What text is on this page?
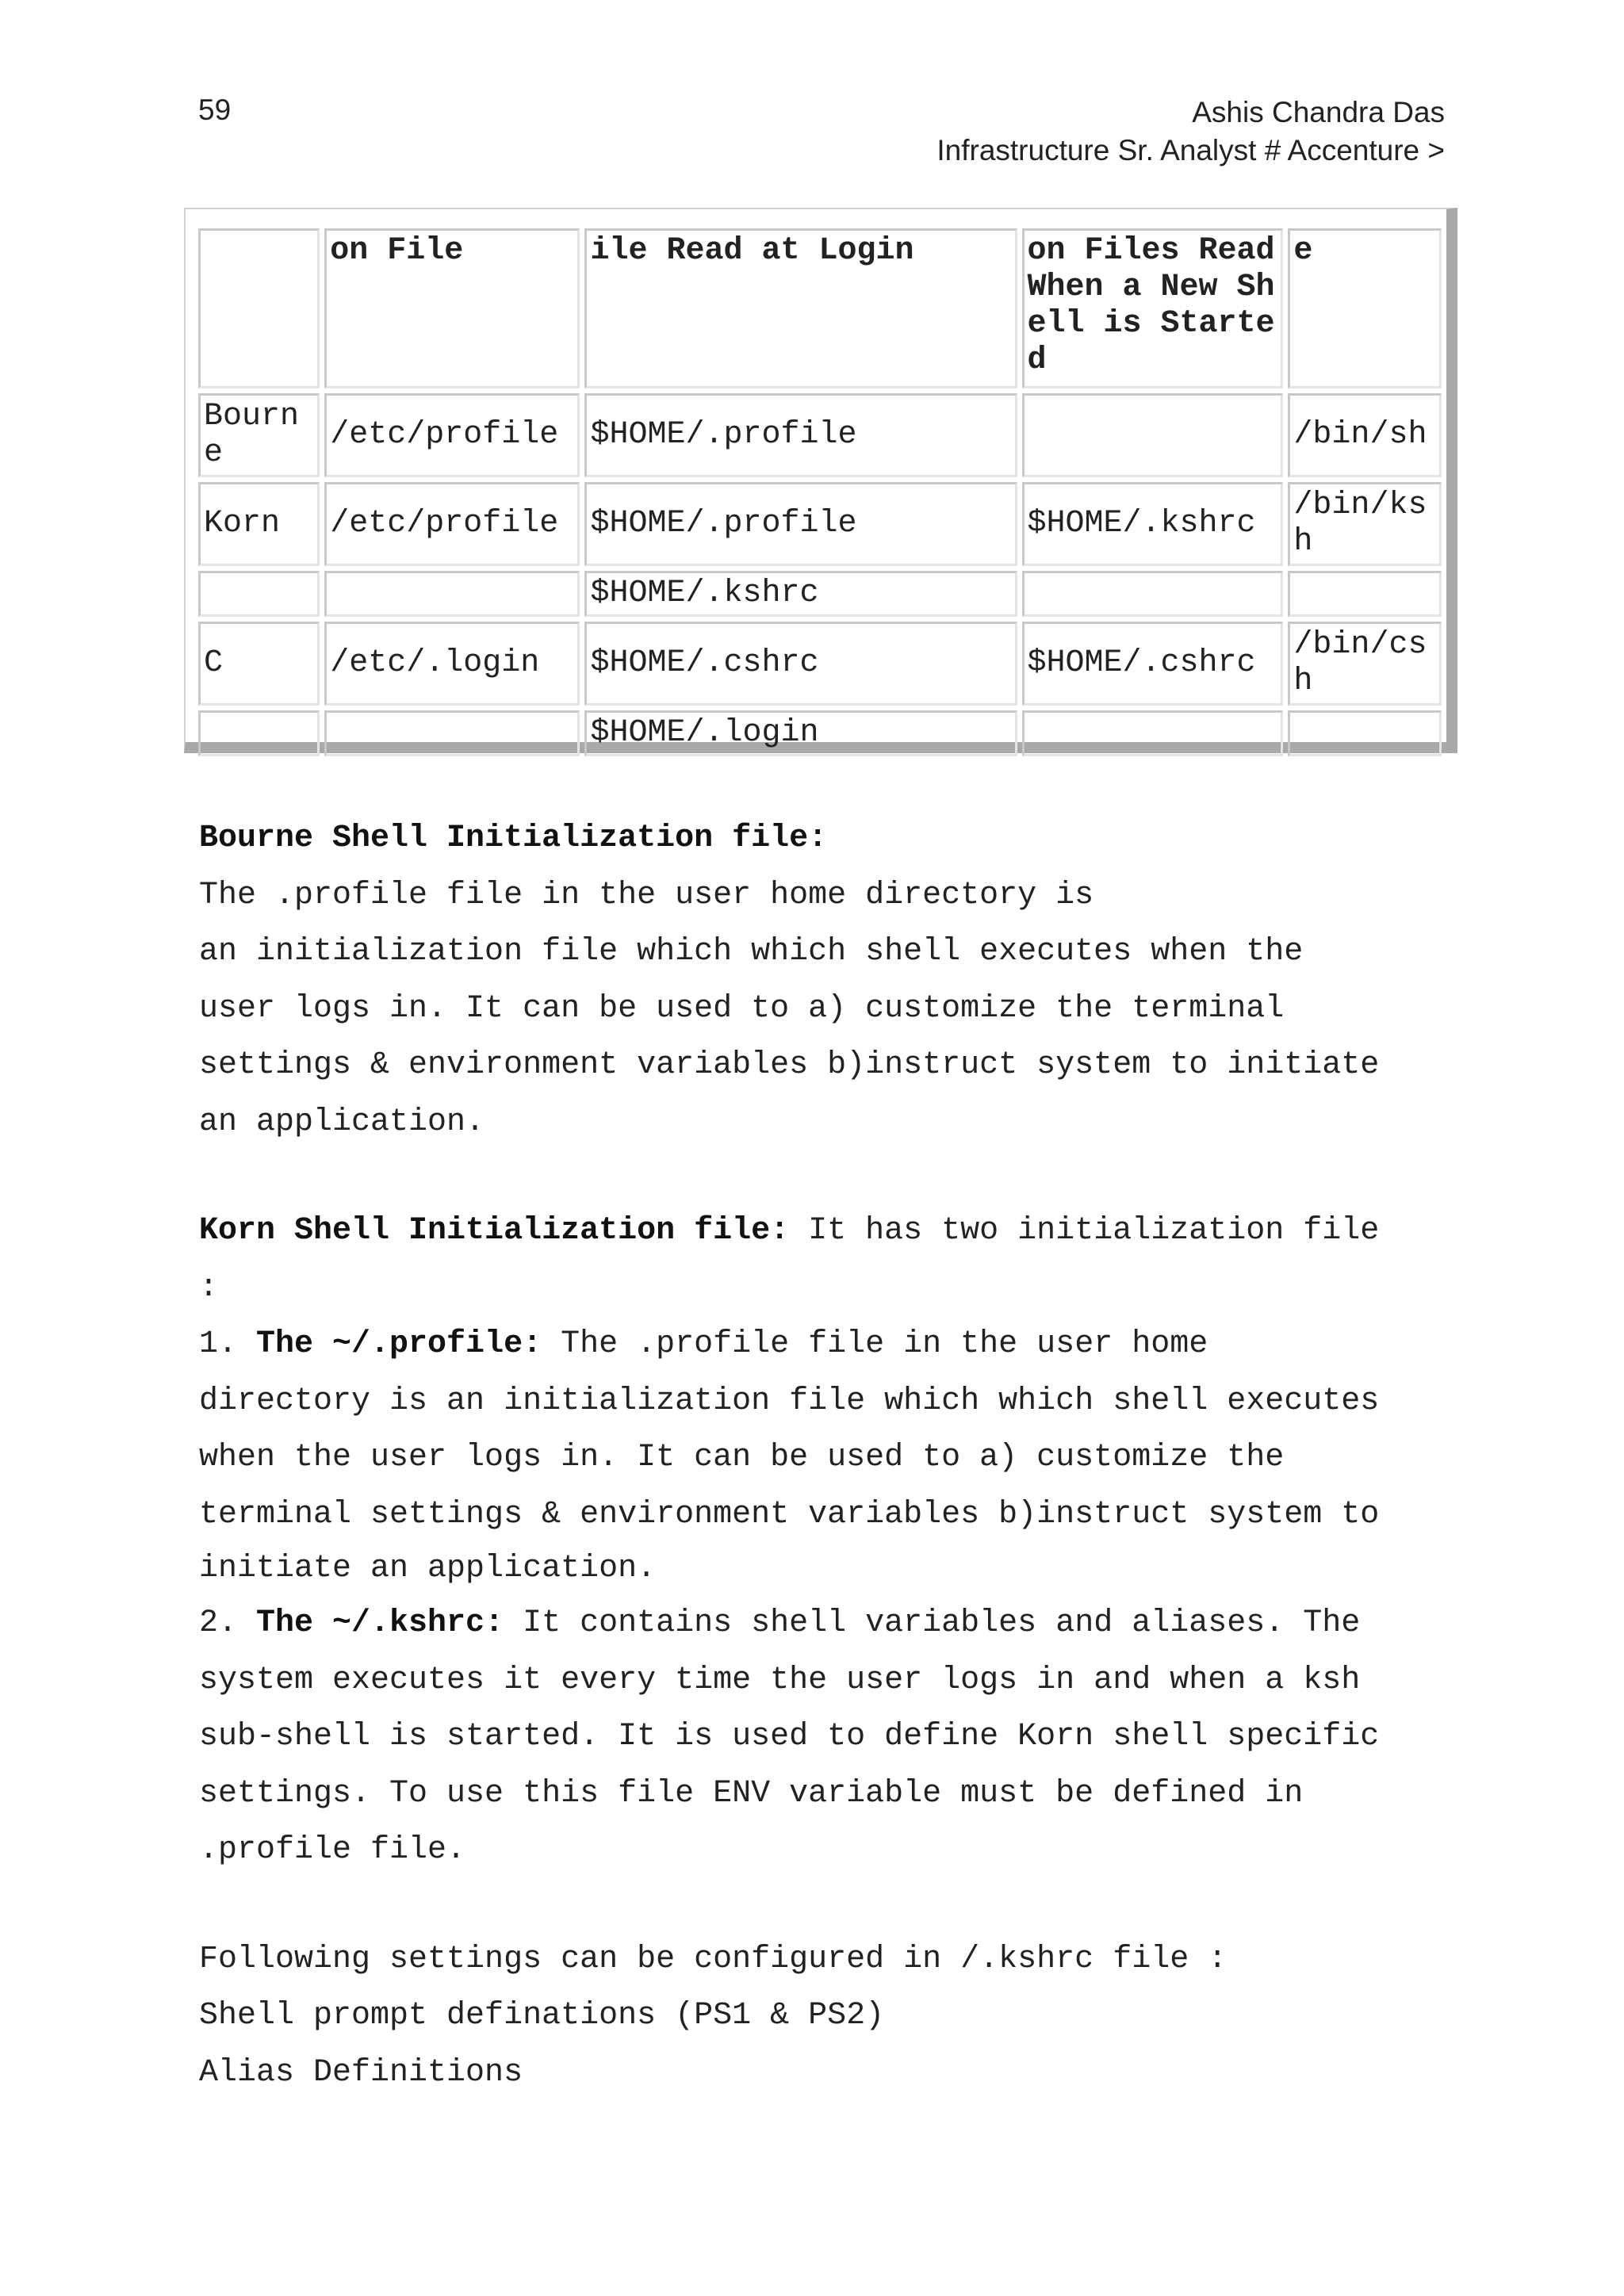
59	Ashis Chandra Das
Infrastructure Sr. Analyst # Accenture >
	on File	ile Read at Login	on Files Read When a New Shell is Started	e
Bourne	/etc/profile	$HOME/.profile		/bin/sh
Korn	/etc/profile	$HOME/.profile	$HOME/.kshrc	/bin/ksh
		$HOME/.kshrc		
C	/etc/.login	$HOME/.cshrc	$HOME/.cshrc	/bin/csh
		$HOME/.login		

Bourne Shell Initialization file:

The .profile file in the user home directory is

an initialization file which which shell executes when the

user logs in. It can be used to a) customize the terminal

settings & environment variables b)instruct system to initiate

an application.

Korn Shell Initialization file: It has two initialization file

:

1. The ~/.profile: The .profile file in the user home

directory is an initialization file which which shell executes

when the user logs in. It can be used to a) customize the

terminal settings & environment variables b)instruct system to

initiate an application.

2. The ~/.kshrc: It contains shell variables and aliases. The

system executes it every time the user logs in and when a ksh

sub-shell is started. It is used to define Korn shell specific

settings. To use this file ENV variable must be defined in

.profile file.

Following settings can be configured in /.kshrc file :

Shell prompt definations (PS1 & PS2)

Alias Definitions
